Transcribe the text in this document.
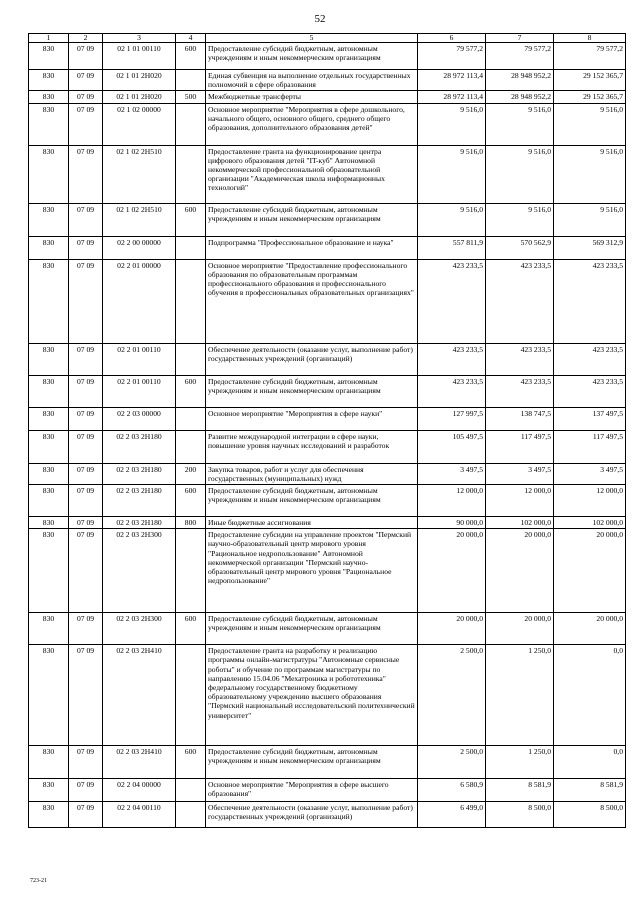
52
1	2	3	4	5	6	7	8
830	07 09	02 1 01 00110	600	Предоставление субсидий бюджетным, автономным учреждениям и иным некоммерческим организациям	79 577,2	79 577,2	79 577,2
830	07 09	02 1 01 2Н020		Единая субвенция на выполнение отдельных государственных полномочий в сфере образования	28 972 113,4	28 948 952,2	29 152 365,7
830	07 09	02 1 01 2Н020	500	Межбюджетные трансферты	28 972 113,4	28 948 952,2	29 152 365,7
830	07 09	02 1 02 00000		Основное мероприятие "Мероприятия в сфере дошкольного, начального общего, основного общего, среднего общего образования, дополнительного образования детей"	9 516,0	9 516,0	9 516,0
830	07 09	02 1 02 2Н510		Предоставление гранта на функционирование центра цифрового образования детей "IT-куб" Автономной некоммерческой профессиональной образовательной организации "Академическая школа информационных технологий"	9 516,0	9 516,0	9 516,0
830	07 09	02 1 02 2Н510	600	Предоставление субсидий бюджетным, автономным учреждениям и иным некоммерческим организациям	9 516,0	9 516,0	9 516,0
830	07 09	02 2 00 00000		Подпрограмма "Профессиональное образование и наука"	557 811,9	570 562,9	569 312,9
830	07 09	02 2 01 00000		Основное мероприятие "Предоставление профессионального образования по образовательным программам профессионального образования и профессионального обучения в профессиональных образовательных организациях"	423 233,5	423 233,5	423 233,5
830	07 09	02 2 01 00110		Обеспечение деятельности (оказание услуг, выполнение работ) государственных учреждений (организаций)	423 233,5	423 233,5	423 233,5
830	07 09	02 2 01 00110	600	Предоставление субсидий бюджетным, автономным учреждениям и иным некоммерческим организациям	423 233,5	423 233,5	423 233,5
830	07 09	02 2 03 00000		Основное мероприятие "Мероприятия в сфере науки"	127 997,5	138 747,5	137 497,5
830	07 09	02 2 03 2Н180		Развитие международной интеграции в сфере науки, повышение уровня научных исследований и разработок	105 497,5	117 497,5	117 497,5
830	07 09	02 2 03 2Н180	200	Закупка товаров, работ и услуг для обеспечения государственных (муниципальных) нужд	3 497,5	3 497,5	3 497,5
830	07 09	02 2 03 2Н180	600	Предоставление субсидий бюджетным, автономным учреждениям и иным некоммерческим организациям	12 000,0	12 000,0	12 000,0
830	07 09	02 2 03 2Н180	800	Иные бюджетные ассигнования	90 000,0	102 000,0	102 000,0
830	07 09	02 2 03 2Н300		Предоставление субсидии на управление проектом "Пермский научно-образовательный центр мирового уровня "Рациональное недропользование" Автономной некоммерческой организации "Пермский научно-образовательный центр мирового уровня "Рациональное недропользование"	20 000,0	20 000,0	20 000,0
830	07 09	02 2 03 2Н300	600	Предоставление субсидий бюджетным, автономным учреждениям и иным некоммерческим организациям	20 000,0	20 000,0	20 000,0
830	07 09	02 2 03 2Н410		Предоставление гранта на разработку и реализацию программы онлайн-магистратуры "Автономные сервисные роботы" и обучение по программам магистратуры по направлению 15.04.06 "Мехатроника и робототехника" федеральному государственному бюджетному образовательному учреждению высшего образования "Пермский национальный исследовательский политехнический университет"	2 500,0	1 250,0	0,0
830	07 09	02 2 03 2Н410	600	Предоставление субсидий бюджетным, автономным учреждениям и иным некоммерческим организациям	2 500,0	1 250,0	0,0
830	07 09	02 2 04 00000		Основное мероприятие "Мероприятия в сфере высшего образования"	6 580,9	8 581,9	8 581,9
830	07 09	02 2 04 00110		Обеспечение деятельности (оказание услуг, выполнение работ) государственных учреждений (организаций)	6 499,0	8 500,0	8 500,0
723-21
